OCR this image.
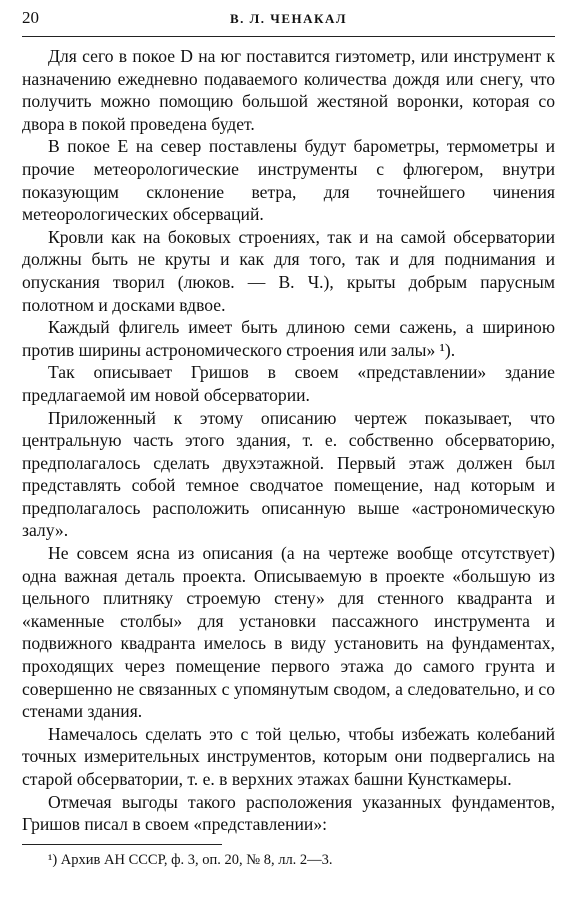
20	В. Л. ЧЕНАКАЛ

Для сего в покое D на юг поставится гиэтометр, или инструмент к назначению ежедневно подаваемого количества дождя или снегу, что получить можно помощию большой жестяной воронки, которая со двора в покой проведена будет.

В покое E на север поставлены будут барометры, термометры и прочие метеорологические инструменты с флюгером, внутри показующим склонение ветра, для точнейшего чинения метеорологических обсерваций.

Кровли как на боковых строениях, так и на самой обсерватории должны быть не круты и как для того, так и для поднимания и опускания творил (люков. — В. Ч.), крыты добрым парусным полотном и досками вдвое.

Каждый флигель имеет быть длиною семи сажень, а шириною против ширины астрономического строения или залы» ¹).

Так описывает Гришов в своем «представлении» здание предлагаемой им новой обсерватории.

Приложенный к этому описанию чертеж показывает, что центральную часть этого здания, т. е. собственно обсерваторию, предполагалось сделать двухэтажной. Первый этаж должен был представлять собой темное сводчатое помещение, над которым и предполагалось расположить описанную выше «астрономическую залу».

Не совсем ясна из описания (а на чертеже вообще отсутствует) одна важная деталь проекта. Описываемую в проекте «большую из цельного плитняку строемую стену» для стенного квадранта и «каменные столбы» для установки пассажного инструмента и подвижного квадранта имелось в виду установить на фундаментах, проходящих через помещение первого этажа до самого грунта и совершенно не связанных с упомянутым сводом, а следовательно, и со стенами здания.

Намечалось сделать это с той целью, чтобы избежать колебаний точных измерительных инструментов, которым они подвергались на старой обсерватории, т. е. в верхних этажах башни Кунсткамеры.

Отмечая выгоды такого расположения указанных фундаментов, Гришов писал в своем «представлении»:

¹) Архив АН СССР, ф. 3, оп. 20, № 8, лл. 2—3.
